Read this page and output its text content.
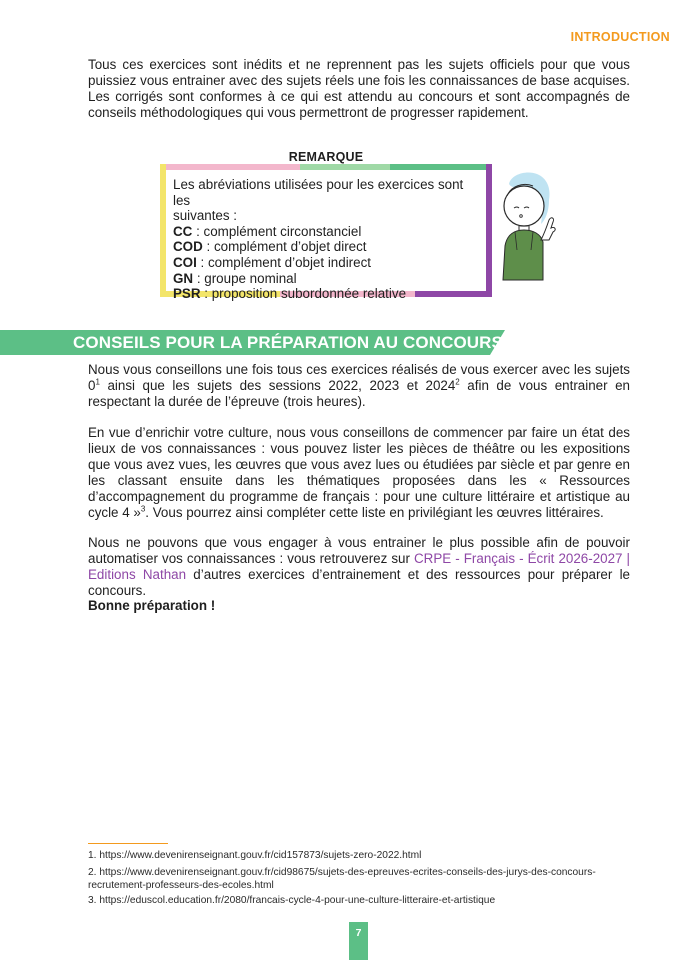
INTRODUCTION

Tous ces exercices sont inédits et ne reprennent pas les sujets officiels pour que vous puissiez vous entrainer avec des sujets réels une fois les connaissances de base acquises. Les corrigés sont conformes à ce qui est attendu au concours et sont accompagnés de conseils méthodologiques qui vous permettront de progresser rapidement.

REMARQUE
Les abréviations utilisées pour les exercices sont les
suivantes :
CC : complément circonstanciel
COD : complément d’objet direct
COI : complément d’objet indirect
GN : groupe nominal
PSR : proposition subordonnée relative
CONSEILS POUR LA PRÉPARATION AU CONCOURS

Nous vous conseillons une fois tous ces exercices réalisés de vous exercer avec les sujets $0^1$ ainsi que les sujets des sessions 2022, 2023 et 2024$^2$ afin de vous entrainer en respectant la durée de l’épreuve (trois heures).

En vue d’enrichir votre culture, nous vous conseillons de commencer par faire un état des lieux de vos connaissances : vous pouvez lister les pièces de théâtre ou les expositions que vous avez vues, les œuvres que vous avez lues ou étudiées par siècle et par genre en les classant ensuite dans les thématiques proposées dans les « Ressources d’accompagnement du programme de français : pour une culture littéraire et artistique au cycle 4 »$^3$. Vous pourrez ainsi compléter cette liste en privilégiant les œuvres littéraires.

Nous ne pouvons que vous engager à vous entrainer le plus possible afin de pouvoir automatiser vos connaissances : vous retrouverez sur CRPE - Français - Écrit 2026-2027 | Editions Nathan d’autres exercices d’entrainement et des ressources pour préparer le concours.

Bonne préparation !

1. https://www.devenirenseignant.gouv.fr/cid157873/sujets-zero-2022.html

2. https://www.devenirenseignant.gouv.fr/cid98675/sujets-des-epreuves-ecrites-conseils-des-jurys-des-concours-recrutement-professeurs-des-ecoles.html

3. https://eduscol.education.fr/2080/francais-cycle-4-pour-une-culture-litteraire-et-artistique

7
